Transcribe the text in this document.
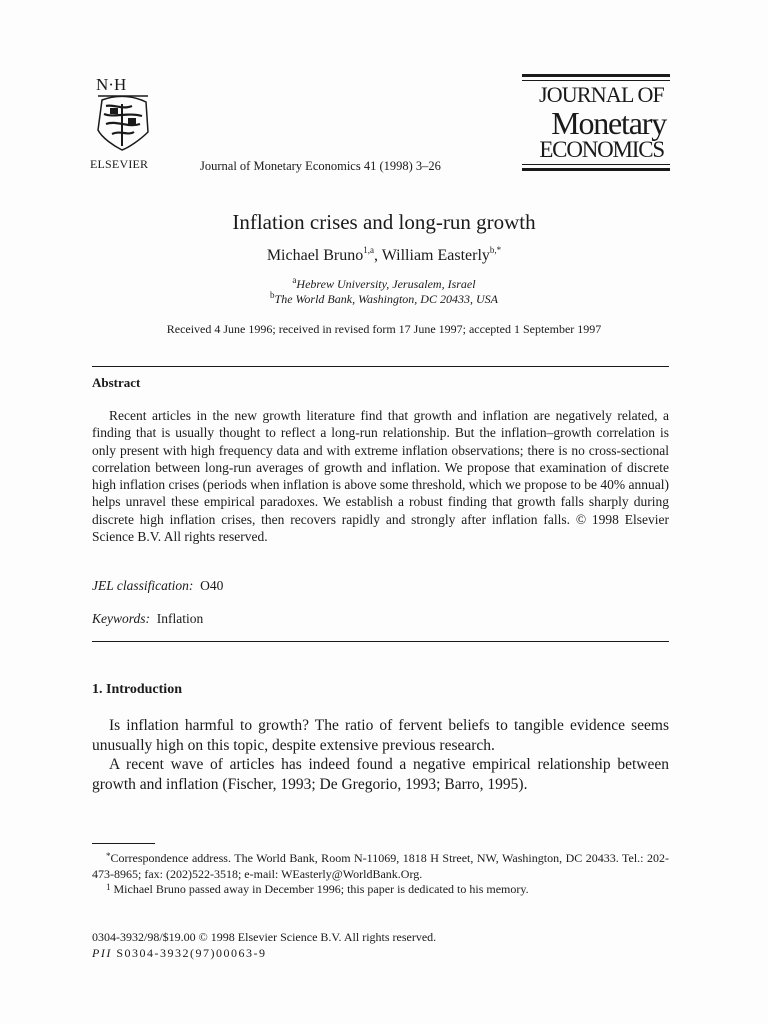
N·H
ELSEVIER	Journal of Monetary Economics 41 (1998) 3–26
JOURNAL OF
Monetary
ECONOMICS
Inflation crises and long-run growth
Michael Bruno$^{1,a}$, William Easterly$^{b,*}$
$^a$Hebrew University, Jerusalem, Israel
$^b$The World Bank, Washington, DC 20433, USA
Received 4 June 1996; received in revised form 17 June 1997; accepted 1 September 1997
Abstract
Recent articles in the new growth literature find that growth and inflation are negatively related, a finding that is usually thought to reflect a long-run relationship. But the inflation–growth correlation is only present with high frequency data and with extreme inflation observations; there is no cross-sectional correlation between long-run averages of growth and inflation. We propose that examination of discrete high inflation crises (periods when inflation is above some threshold, which we propose to be 40% annual) helps unravel these empirical paradoxes. We establish a robust finding that growth falls sharply during discrete high inflation crises, then recovers rapidly and strongly after inflation falls. © 1998 Elsevier Science B.V. All rights reserved.
JEL classification: O40
Keywords: Inflation
1. Introduction

Is inflation harmful to growth? The ratio of fervent beliefs to tangible evidence seems unusually high on this topic, despite extensive previous research.

A recent wave of articles has indeed found a negative empirical relationship between growth and inflation (Fischer, 1993; De Gregorio, 1993; Barro, 1995).

*Correspondence address. The World Bank, Room N-11069, 1818 H Street, NW, Washington, DC 20433. Tel.: 202-473-8965; fax: (202)522-3518; e-mail: WEasterly@WorldBank.Org.

$^1$ Michael Bruno passed away in December 1996; this paper is dedicated to his memory.

0304-3932/98/$19.00 © 1998 Elsevier Science B.V. All rights reserved.
PII S0304-3932(97)00063-9
